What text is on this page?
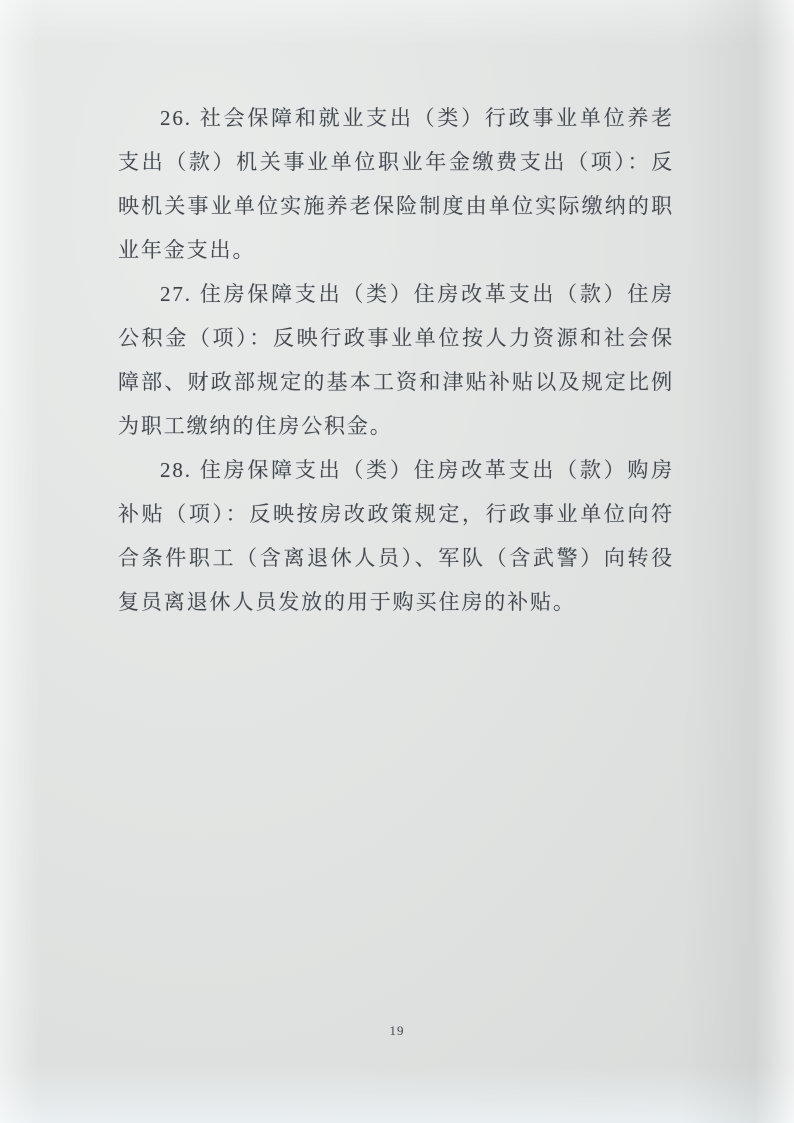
26. 社会保障和就业支出（类）行政事业单位养老支出（款）机关事业单位职业年金缴费支出（项）：反映机关事业单位实施养老保险制度由单位实际缴纳的职业年金支出。

27. 住房保障支出（类）住房改革支出（款）住房公积金（项）：反映行政事业单位按人力资源和社会保障部、财政部规定的基本工资和津贴补贴以及规定比例为职工缴纳的住房公积金。

28. 住房保障支出（类）住房改革支出（款）购房补贴（项）：反映按房改政策规定，行政事业单位向符合条件职工（含离退休人员）、军队（含武警）向转役复员离退休人员发放的用于购买住房的补贴。

19
